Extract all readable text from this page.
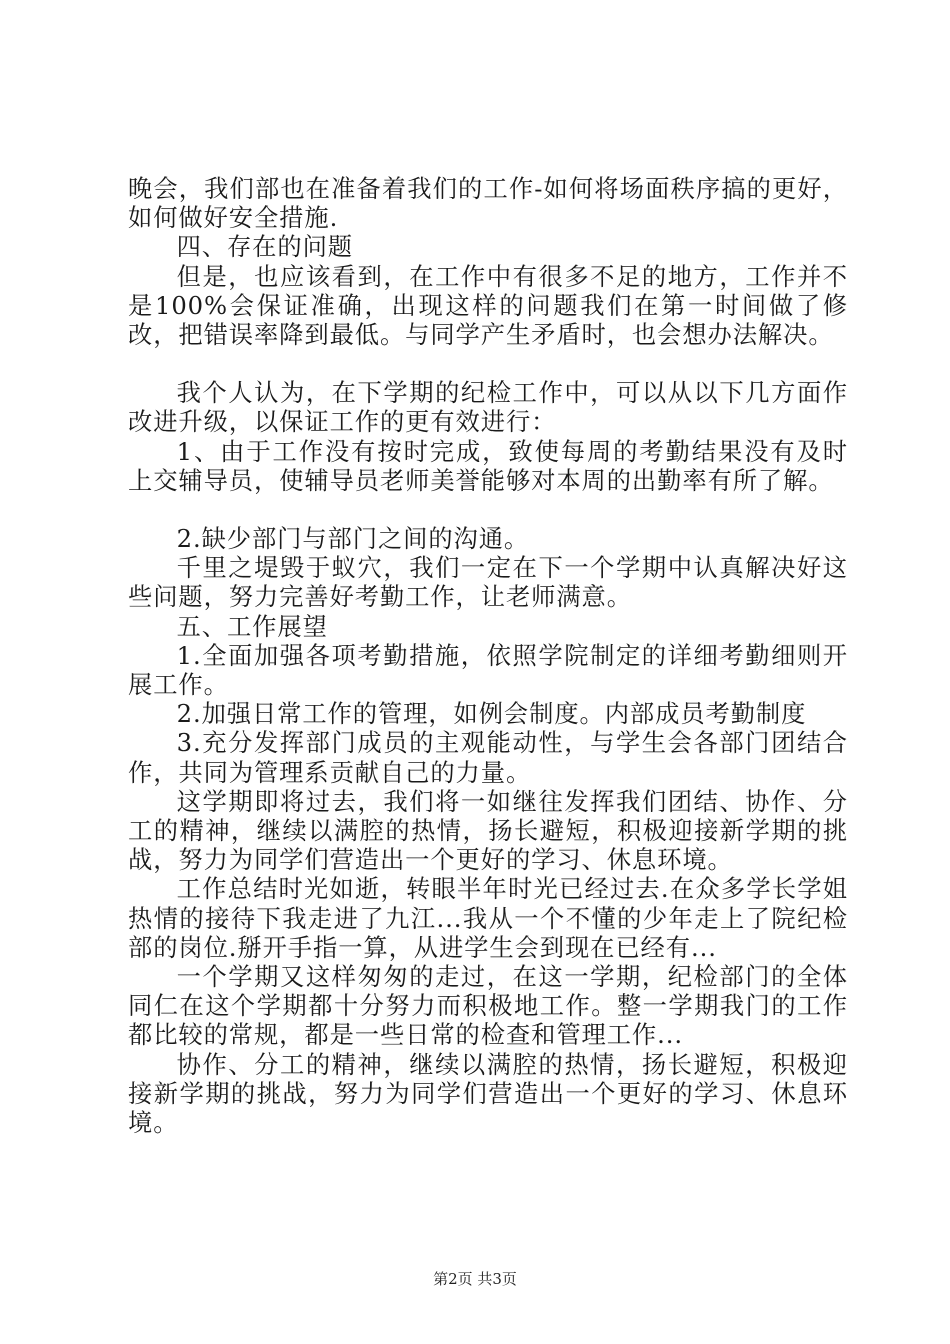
晚会，我们部也在准备着我们的工作-如何将场面秩序搞的更好，如何做好安全措施.

四、存在的问题

但是，也应该看到，在工作中有很多不足的地方，工作并不是100%会保证准确，出现这样的问题我们在第一时间做了修改，把错误率降到最低。与同学产生矛盾时，也会想办法解决。

我个人认为，在下学期的纪检工作中，可以从以下几方面作改进升级，以保证工作的更有效进行：

1、由于工作没有按时完成，致使每周的考勤结果没有及时上交辅导员，使辅导员老师美誉能够对本周的出勤率有所了解。

2.缺少部门与部门之间的沟通。

千里之堤毁于蚁穴，我们一定在下一个学期中认真解决好这些问题，努力完善好考勤工作，让老师满意。

五、工作展望

1.全面加强各项考勤措施，依照学院制定的详细考勤细则开展工作。

2.加强日常工作的管理，如例会制度。内部成员考勤制度

3.充分发挥部门成员的主观能动性，与学生会各部门团结合作，共同为管理系贡献自己的力量。

这学期即将过去，我们将一如继往发挥我们团结、协作、分工的精神，继续以满腔的热情，扬长避短，积极迎接新学期的挑战，努力为同学们营造出一个更好的学习、休息环境。

工作总结时光如逝，转眼半年时光已经过去.在众多学长学姐热情的接待下我走进了九江...我从一个不懂的少年走上了院纪检部的岗位.掰开手指一算，从进学生会到现在已经有...

一个学期又这样匆匆的走过，在这一学期，纪检部门的全体同仁在这个学期都十分努力而积极地工作。整一学期我门的工作都比较的常规，都是一些日常的检查和管理工作...

协作、分工的精神，继续以满腔的热情，扬长避短，积极迎接新学期的挑战，努力为同学们营造出一个更好的学习、休息环境。

第2页 共3页
